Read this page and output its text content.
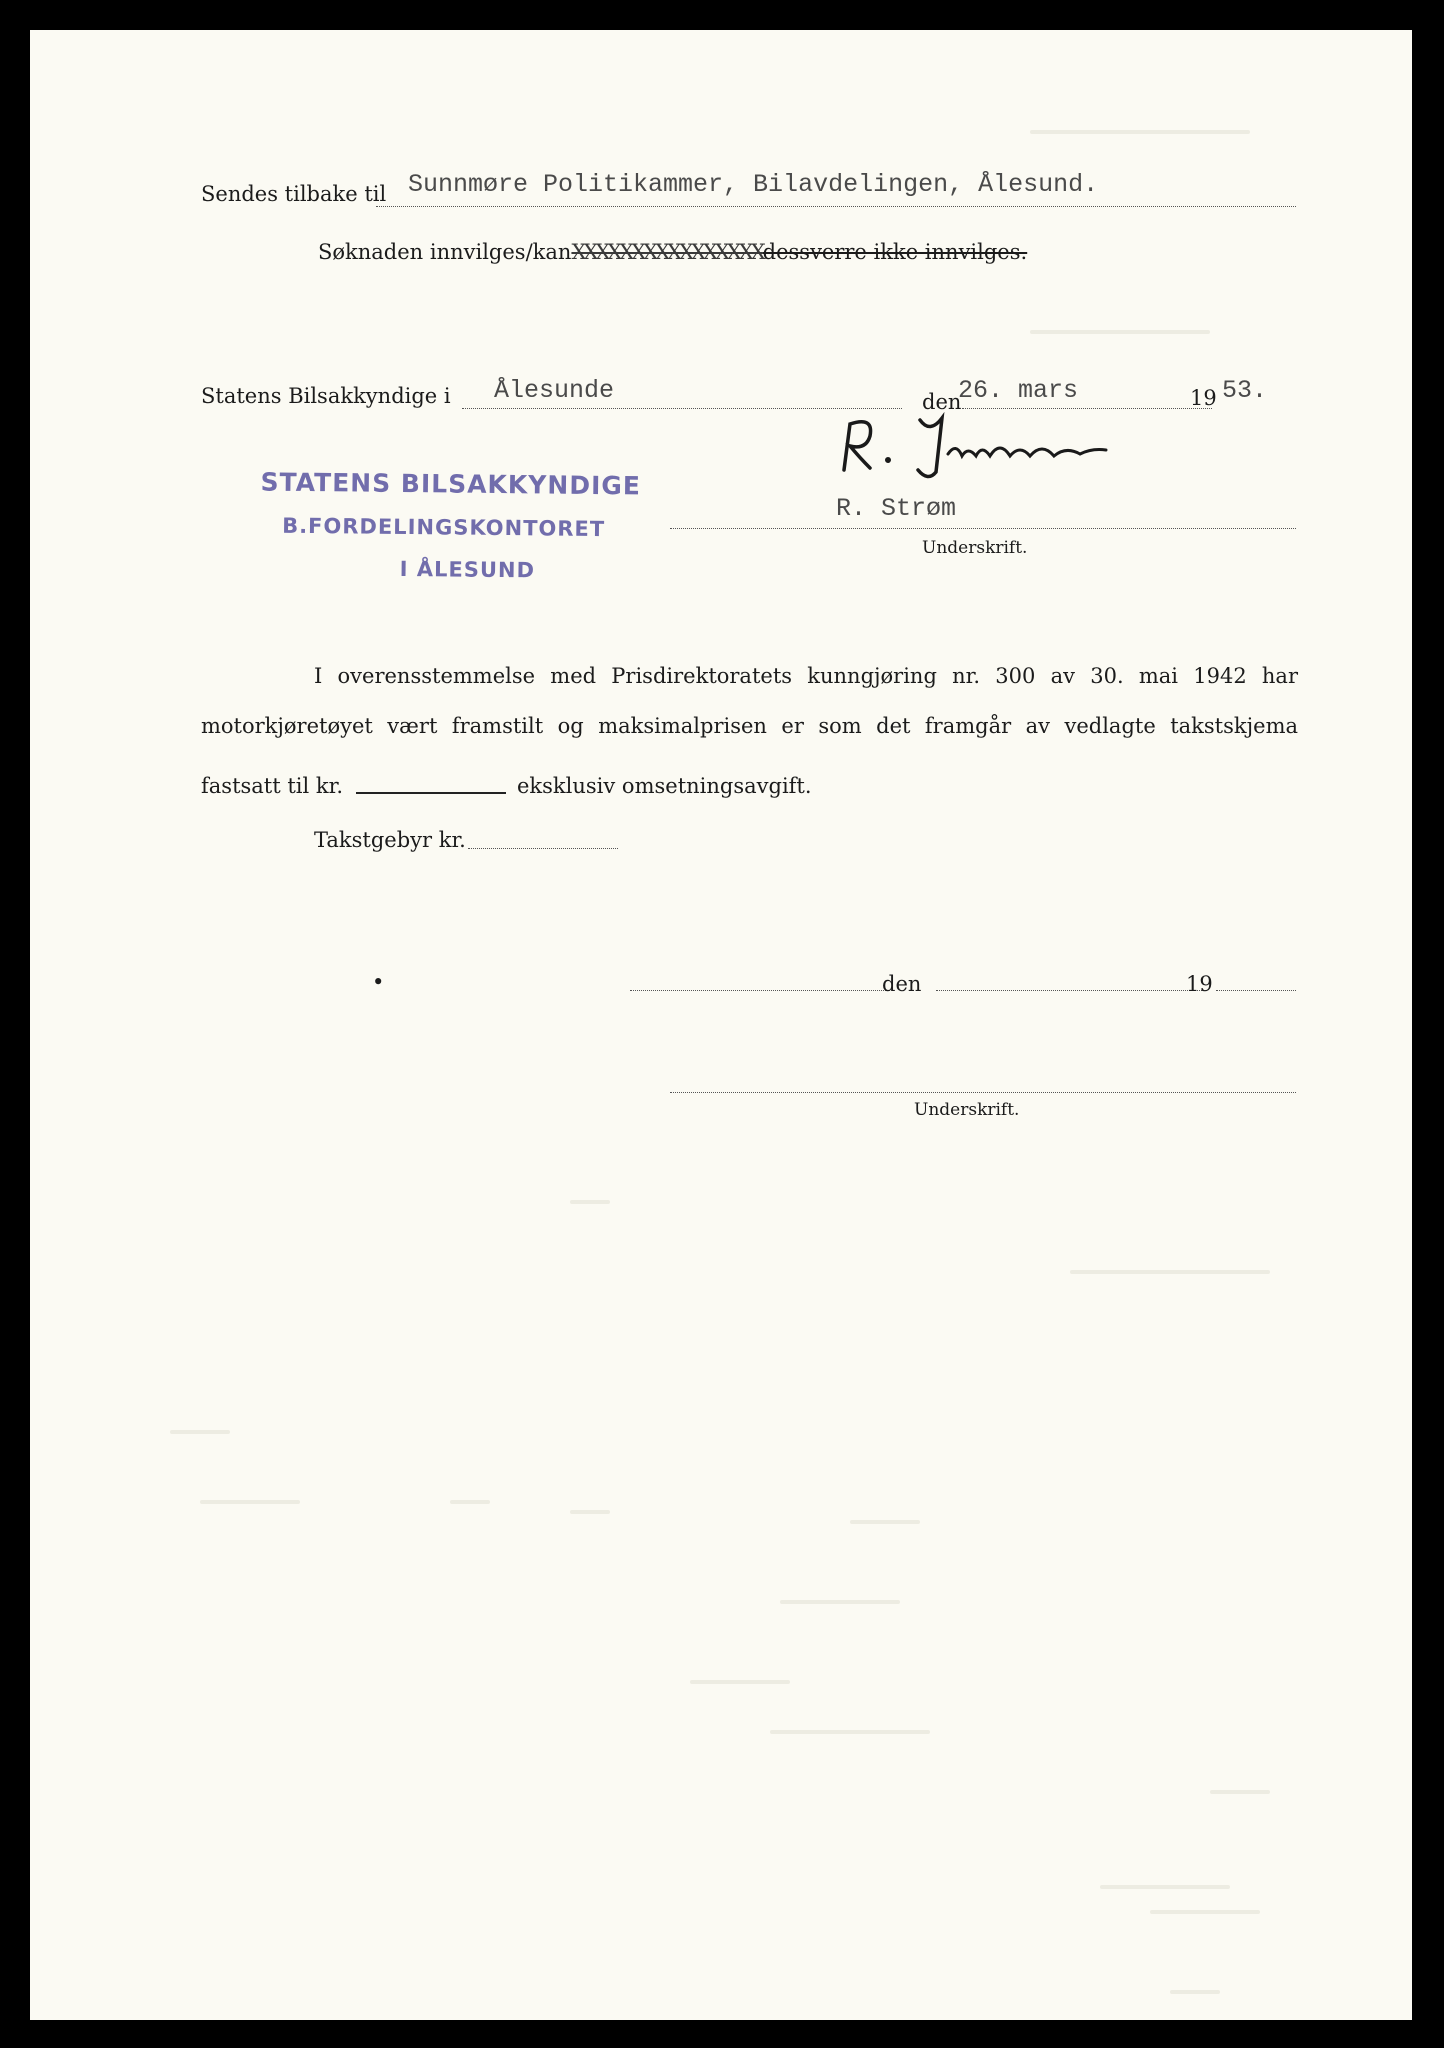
Sendes tilbake til Sunnmøre Politikammer, Bilavdelingen, Ålesund.
Søknaden innvilges/kanXXXXXXXXXXXXXXXXdessverre ikke innvilges.
Statens Bilsakkyndige i Ålesunde	den
26. mars	19 53.
R. Strøm
Underskrift.
STATENS BILSAKKYNDIGE
B.FORDELINGSKONTORET
I ÅLESUND
I overensstemmelse med Prisdirektoratets kunngjøring nr. 300 av 30. mai 1942 har
motorkjøretøyet vært framstilt og maksimalprisen er som det framgår av vedlagte takstskjema
fastsatt til kr.	eksklusiv omsetningsavgift.
Takstgebyr kr.
•	den	19
Underskrift.
